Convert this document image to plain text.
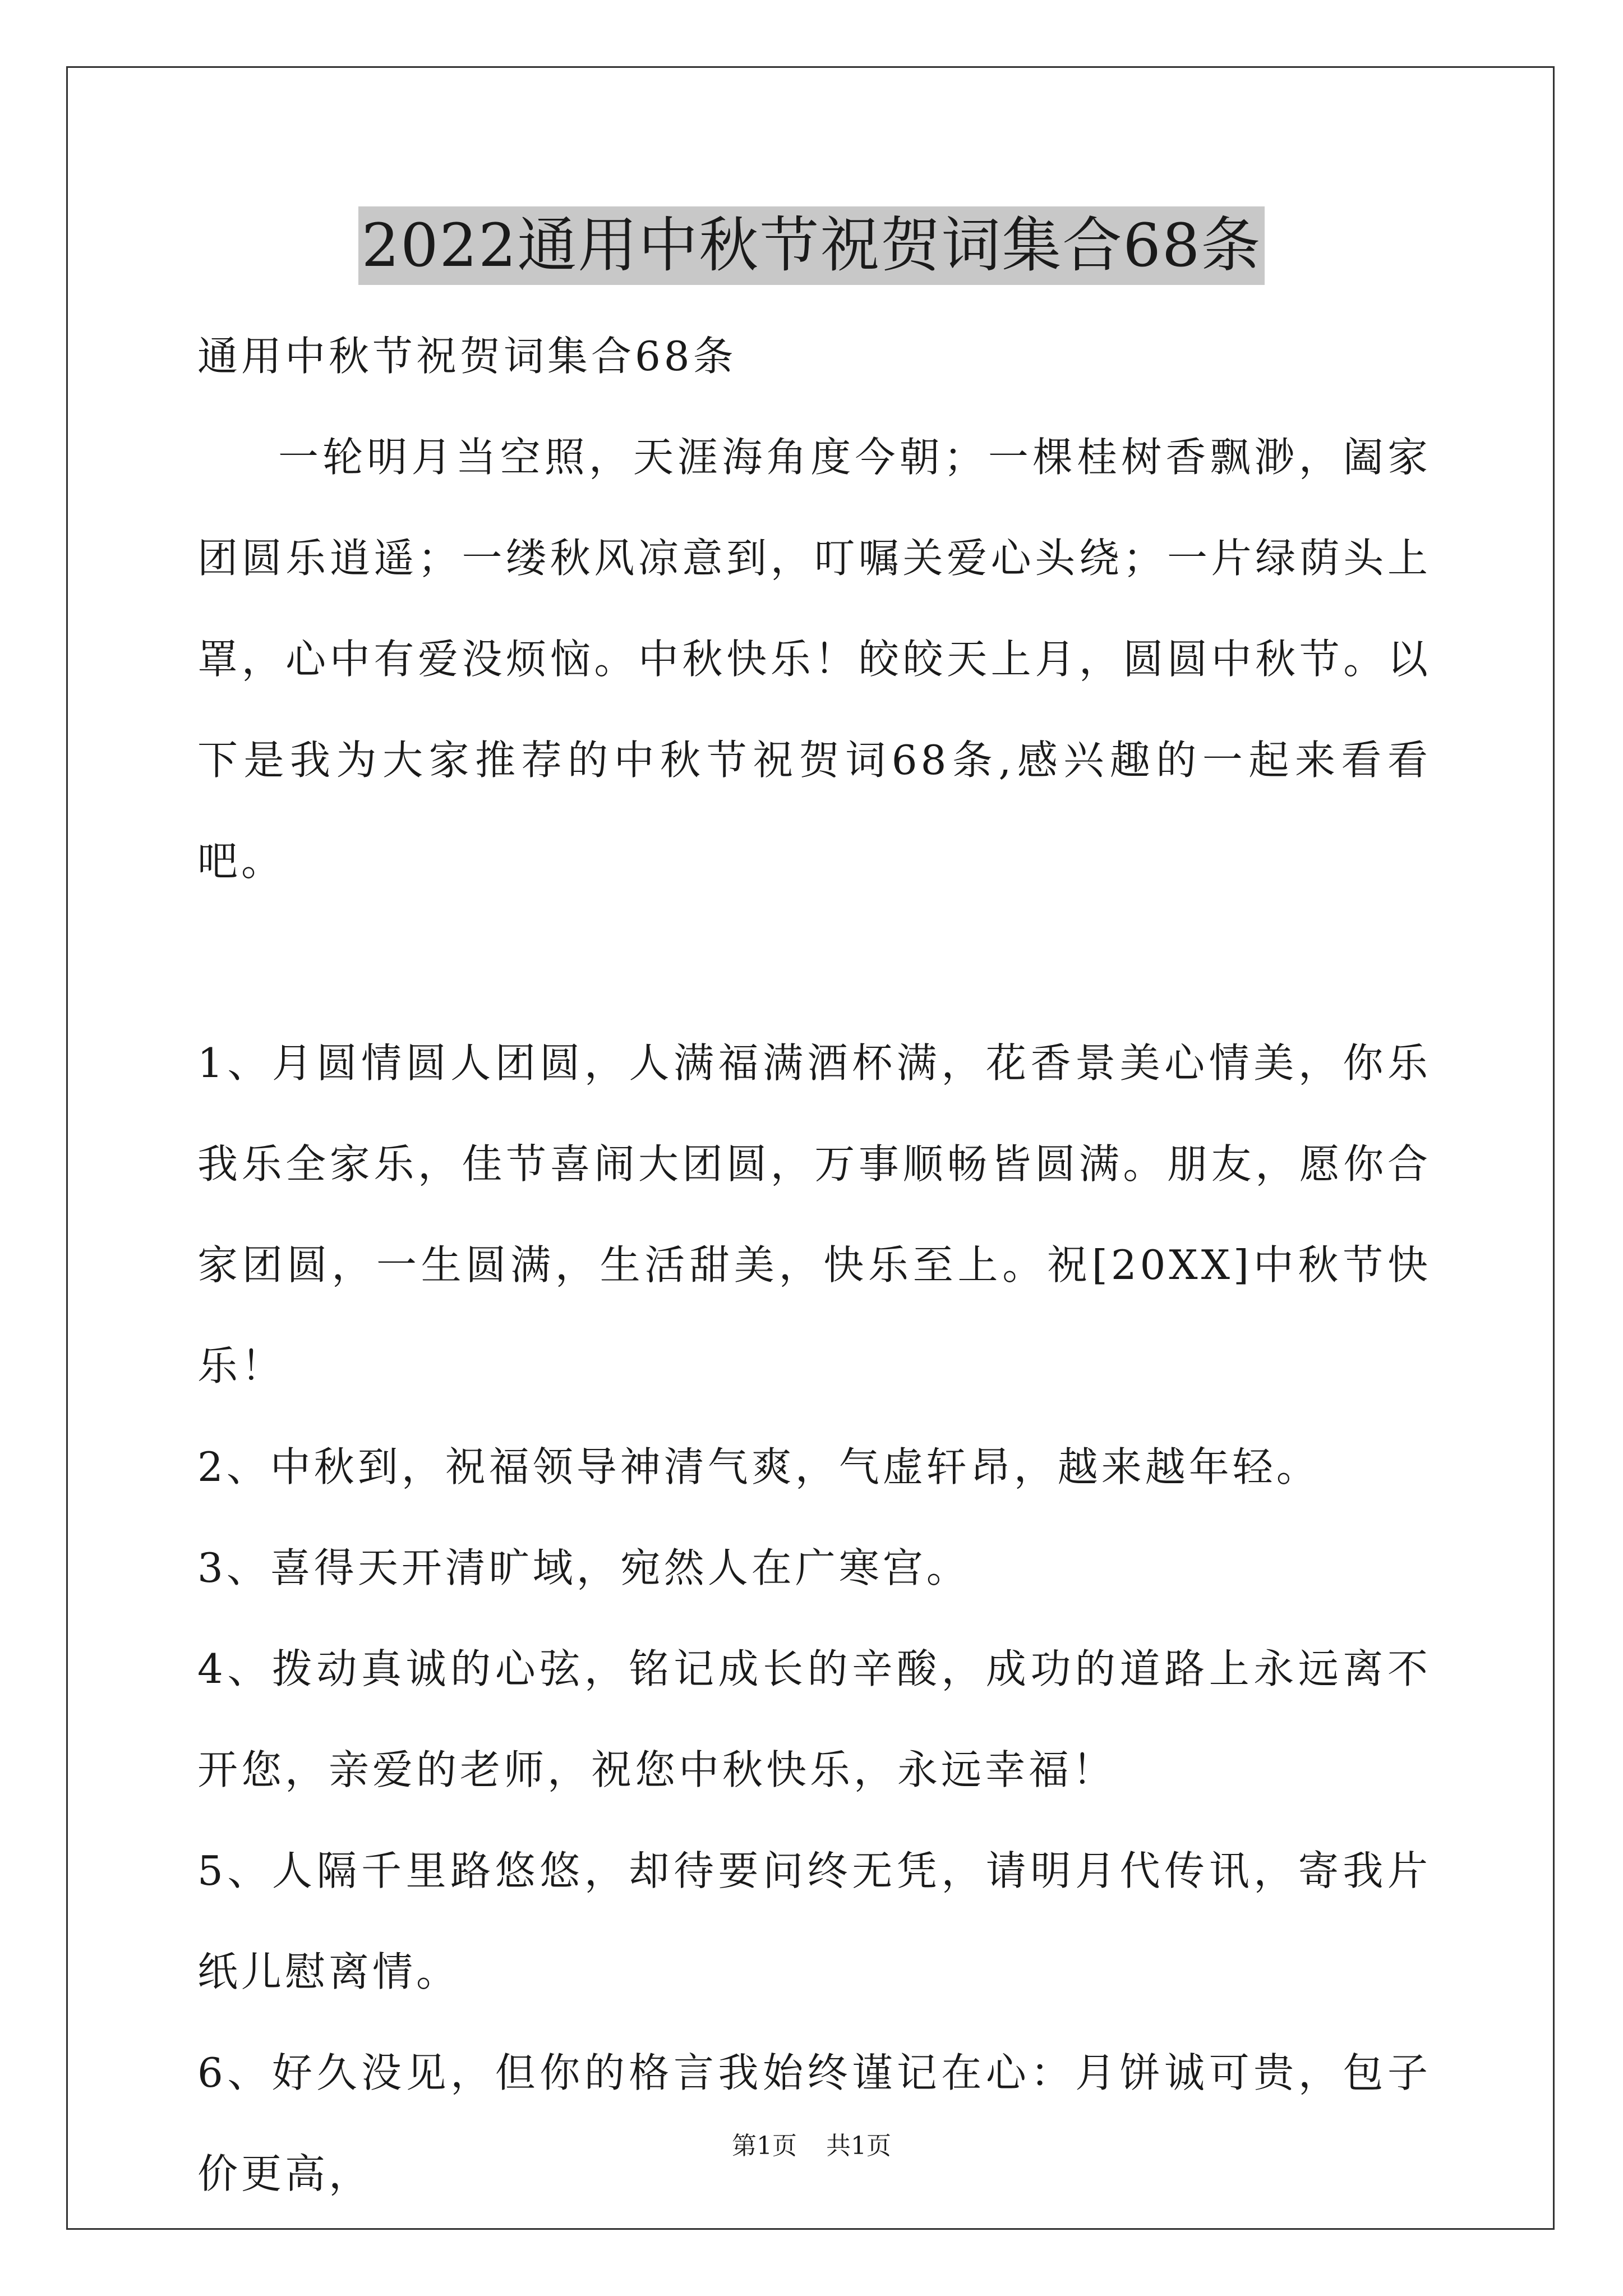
2022通用中秋节祝贺词集合68条

通用中秋节祝贺词集合68条

一轮明月当空照，天涯海角度今朝；一棵桂树香飘渺，阖家团圆乐逍遥；一缕秋风凉意到，叮嘱关爱心头绕；一片绿荫头上罩，心中有爱没烦恼。中秋快乐！皎皎天上月，圆圆中秋节。以下是我为大家推荐的中秋节祝贺词68条,感兴趣的一起来看看吧。

1、月圆情圆人团圆，人满福满酒杯满，花香景美心情美，你乐我乐全家乐，佳节喜闹大团圆，万事顺畅皆圆满。朋友，愿你合家团圆，一生圆满，生活甜美，快乐至上。祝[20XX]中秋节快乐！

2、中秋到，祝福领导神清气爽，气虚轩昂，越来越年轻。

3、喜得天开清旷域，宛然人在广寒宫。

4、拨动真诚的心弦，铭记成长的辛酸，成功的道路上永远离不开您，亲爱的老师，祝您中秋快乐，永远幸福！

5、人隔千里路悠悠，却待要问终无凭，请明月代传讯，寄我片纸儿慰离情。

6、好久没见，但你的格言我始终谨记在心：月饼诚可贵，包子价更高，

第1页 共1页
